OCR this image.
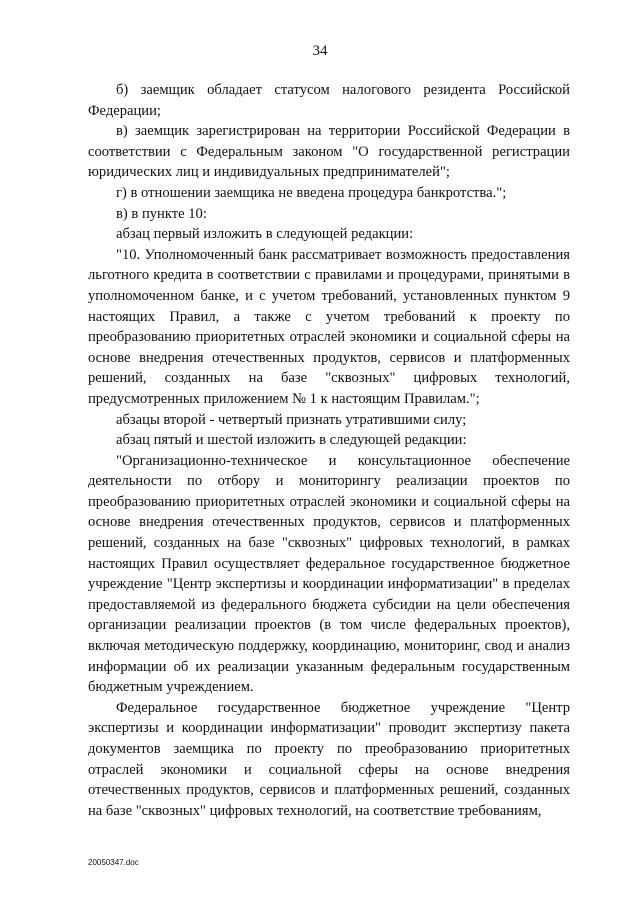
34

б) заемщик обладает статусом налогового резидента Российской Федерации;

в) заемщик зарегистрирован на территории Российской Федерации в соответствии с Федеральным законом "О государственной регистрации юридических лиц и индивидуальных предпринимателей";

г) в отношении заемщика не введена процедура банкротства.";

в) в пункте 10:

абзац первый изложить в следующей редакции:

"10. Уполномоченный банк рассматривает возможность предоставления льготного кредита в соответствии с правилами и процедурами, принятыми в уполномоченном банке, и с учетом требований, установленных пунктом 9 настоящих Правил, а также с учетом требований к проекту по преобразованию приоритетных отраслей экономики и социальной сферы на основе внедрения отечественных продуктов, сервисов и платформенных решений, созданных на базе "сквозных" цифровых технологий, предусмотренных приложением № 1 к настоящим Правилам.";

абзацы второй - четвертый признать утратившими силу;

абзац пятый и шестой изложить в следующей редакции:

"Организационно-техническое и консультационное обеспечение деятельности по отбору и мониторингу реализации проектов по преобразованию приоритетных отраслей экономики и социальной сферы на основе внедрения отечественных продуктов, сервисов и платформенных решений, созданных на базе "сквозных" цифровых технологий, в рамках настоящих Правил осуществляет федеральное государственное бюджетное учреждение "Центр экспертизы и координации информатизации" в пределах предоставляемой из федерального бюджета субсидии на цели обеспечения организации реализации проектов (в том числе федеральных проектов), включая методическую поддержку, координацию, мониторинг, свод и анализ информации об их реализации указанным федеральным государственным бюджетным учреждением.

Федеральное государственное бюджетное учреждение "Центр экспертизы и координации информатизации" проводит экспертизу пакета документов заемщика по проекту по преобразованию приоритетных отраслей экономики и социальной сферы на основе внедрения отечественных продуктов, сервисов и платформенных решений, созданных на базе "сквозных" цифровых технологий, на соответствие требованиям,

20050347.doc
